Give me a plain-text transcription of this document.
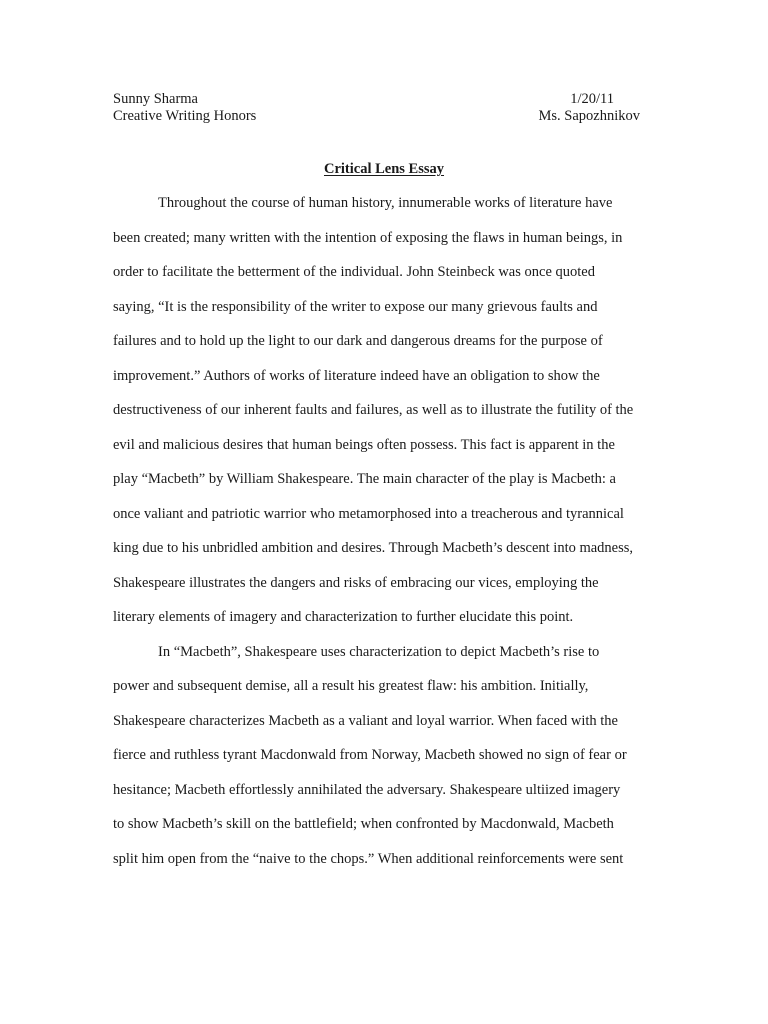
Sunny Sharma	1/20/11
Creative Writing Honors	Ms. Sapozhnikov
Critical Lens Essay
Throughout the course of human history, innumerable works of literature have
been created; many written with the intention of exposing the flaws in human beings, in
order to facilitate the betterment of the individual. John Steinbeck was once quoted
saying, “It is the responsibility of the writer to expose our many grievous faults and
failures and to hold up the light to our dark and dangerous dreams for the purpose of
improvement.” Authors of works of literature indeed have an obligation to show the
destructiveness of our inherent faults and failures, as well as to illustrate the futility of the
evil and malicious desires that human beings often possess. This fact is apparent in the
play “Macbeth” by William Shakespeare. The main character of the play is Macbeth: a
once valiant and patriotic warrior who metamorphosed into a treacherous and tyrannical
king due to his unbridled ambition and desires. Through Macbeth’s descent into madness,
Shakespeare illustrates the dangers and risks of embracing our vices, employing the
literary elements of imagery and characterization to further elucidate this point.
In “Macbeth”, Shakespeare uses characterization to depict Macbeth’s rise to
power and subsequent demise, all a result his greatest flaw: his ambition. Initially,
Shakespeare characterizes Macbeth as a valiant and loyal warrior. When faced with the
fierce and ruthless tyrant Macdonwald from Norway, Macbeth showed no sign of fear or
hesitance; Macbeth effortlessly annihilated the adversary. Shakespeare ultiized imagery
to show Macbeth’s skill on the battlefield; when confronted by Macdonwald, Macbeth
split him open from the “naive to the chops.” When additional reinforcements were sent
